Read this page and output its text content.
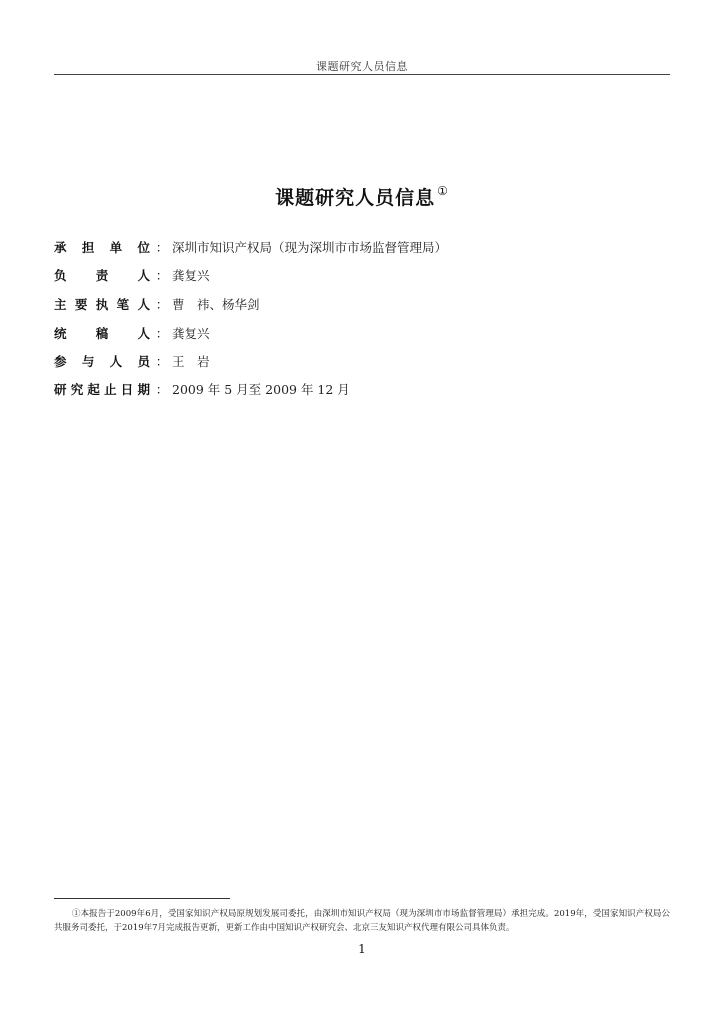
课题研究人员信息
课题研究人员信息 ①
承担单位 ： 深圳市知识产权局（现为深圳市市场监督管理局）
负责人 ： 龚复兴
主要执笔人 ： 曹　祎、杨华剑
统稿人 ： 龚复兴
参与人员 ： 王　岩
研究起止日期 ： 2009 年 5 月至 2009 年 12 月
①本报告于2009年6月，受国家知识产权局原规划发展司委托，由深圳市知识产权局（现为深圳市市场监督管理局）承担完成。2019年，受国家知识产权局公共服务司委托，于2019年7月完成报告更新，更新工作由中国知识产权研究会、北京三友知识产权代理有限公司具体负责。
1
